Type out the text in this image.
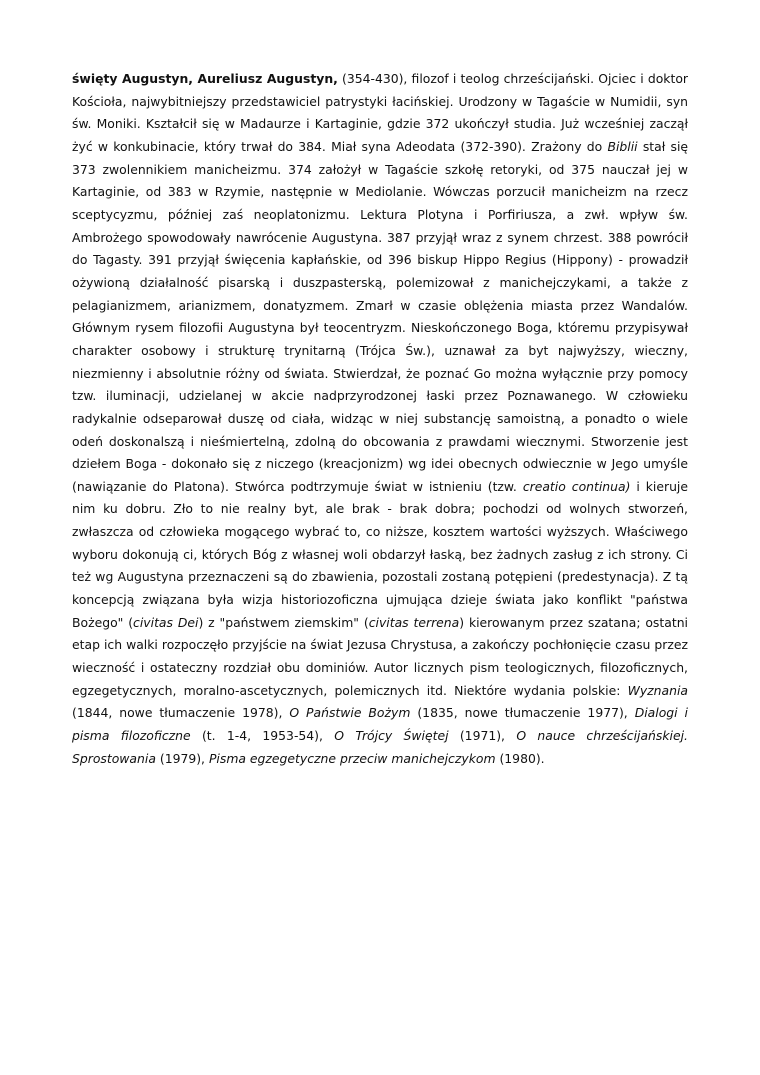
święty Augustyn, Aureliusz Augustyn, (354-430), filozof i teolog chrześcijański. Ojciec i doktor Kościoła, najwybitniejszy przedstawiciel patrystyki łacińskiej. Urodzony w Tagaście w Numidii, syn św. Moniki. Kształcił się w Madaurze i Kartaginie, gdzie 372 ukończył studia. Już wcześniej zaczął żyć w konkubinacie, który trwał do 384. Miał syna Adeodata (372-390). Zrażony do Biblii stał się 373 zwolennikiem manicheizmu. 374 założył w Tagaście szkołę retoryki, od 375 nauczał jej w Kartaginie, od 383 w Rzymie, następnie w Mediolanie. Wówczas porzucił manicheizm na rzecz sceptycyzmu, później zaś neoplatonizmu. Lektura Plotyna i Porfiriusza, a zwł. wpływ św. Ambrożego spowodowały nawrócenie Augustyna. 387 przyjął wraz z synem chrzest. 388 powrócił do Tagasty. 391 przyjął święcenia kapłańskie, od 396 biskup Hippo Regius (Hippony) - prowadził ożywioną działalność pisarską i duszpasterską, polemizował z manichejczykami, a także z pelagianizmem, arianizmem, donatyzmem. Zmarł w czasie oblężenia miasta przez Wandalów. Głównym rysem filozofii Augustyna był teocentryzm. Nieskończonego Boga, któremu przypisywał charakter osobowy i strukturę trynitarną (Trójca Św.), uznawał za byt najwyższy, wieczny, niezmienny i absolutnie różny od świata. Stwierdzał, że poznać Go można wyłącznie przy pomocy tzw. iluminacji, udzielanej w akcie nadprzyrodzonej łaski przez Poznawanego. W człowieku radykalnie odseparował duszę od ciała, widząc w niej substancję samoistną, a ponadto o wiele odeń doskonalszą i nieśmiertelną, zdolną do obcowania z prawdami wiecznymi. Stworzenie jest dziełem Boga - dokonało się z niczego (kreacjonizm) wg idei obecnych odwiecznie w Jego umyśle (nawiązanie do Platona). Stwórca podtrzymuje świat w istnieniu (tzw. creatio continua) i kieruje nim ku dobru. Zło to nie realny byt, ale brak - brak dobra; pochodzi od wolnych stworzeń, zwłaszcza od człowieka mogącego wybrać to, co niższe, kosztem wartości wyższych. Właściwego wyboru dokonują ci, których Bóg z własnej woli obdarzył łaską, bez żadnych zasług z ich strony. Ci też wg Augustyna przeznaczeni są do zbawienia, pozostali zostaną potępieni (predestynacja). Z tą koncepcją związana była wizja historiozoficzna ujmująca dzieje świata jako konflikt "państwa Bożego" (civitas Dei) z "państwem ziemskim" (civitas terrena) kierowanym przez szatana; ostatni etap ich walki rozpoczęło przyjście na świat Jezusa Chrystusa, a zakończy pochłonięcie czasu przez wieczność i ostateczny rozdział obu dominiów. Autor licznych pism teologicznych, filozoficznych, egzegetycznych, moralno-ascetycznych, polemicznych itd. Niektóre wydania polskie: Wyznania (1844, nowe tłumaczenie 1978), O Państwie Bożym (1835, nowe tłumaczenie 1977), Dialogi i pisma filozoficzne (t. 1-4, 1953-54), O Trójcy Świętej (1971), O nauce chrześcijańskiej. Sprostowania (1979), Pisma egzegetyczne przeciw manichejczykom (1980).
